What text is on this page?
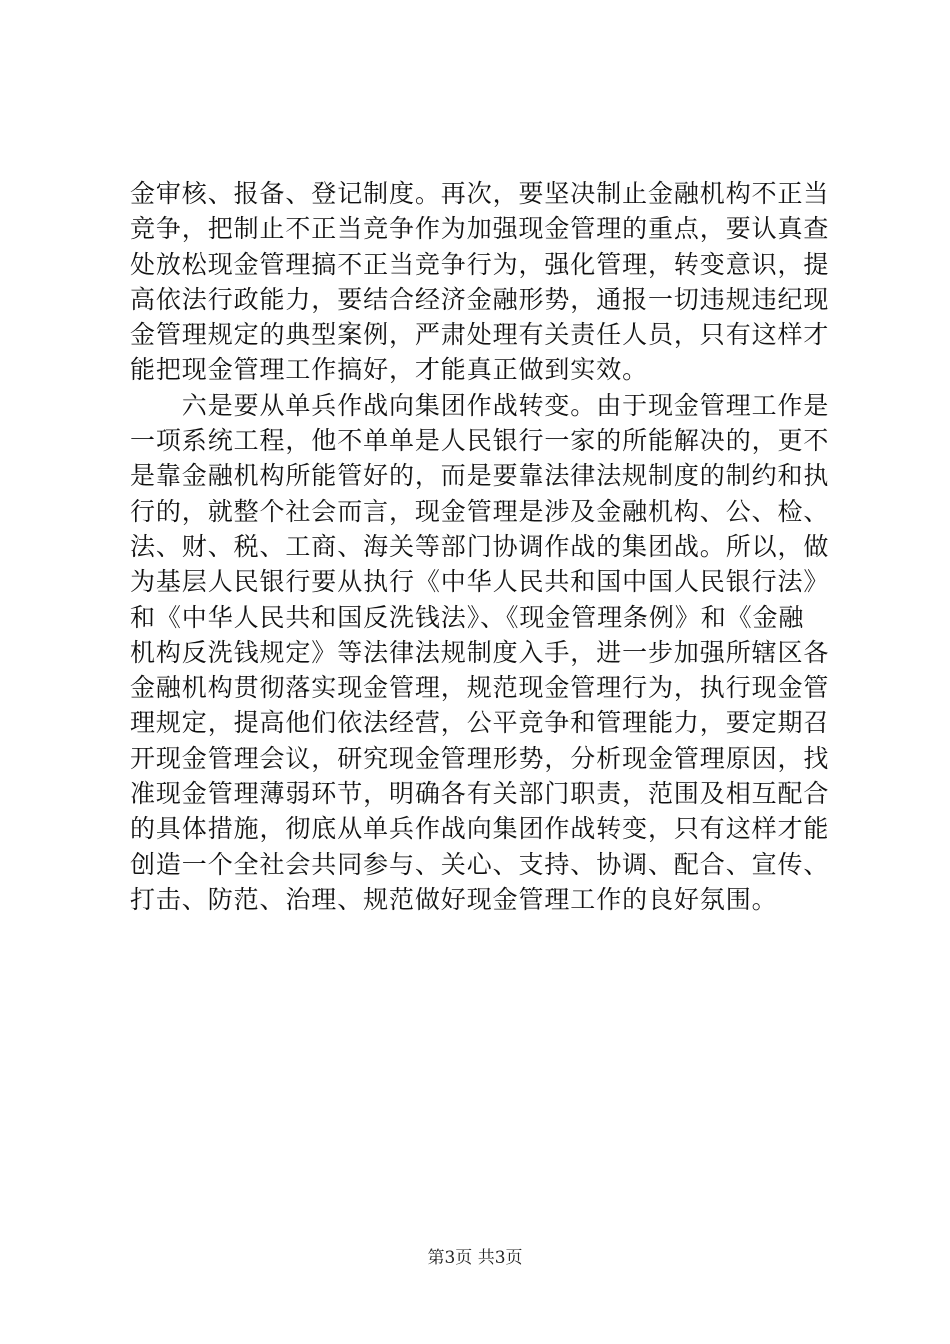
金审核、报备、登记制度。再次，要坚决制止金融机构不正当
竞争，把制止不正当竞争作为加强现金管理的重点，要认真查
处放松现金管理搞不正当竞争行为，强化管理，转变意识，提
高依法行政能力，要结合经济金融形势，通报一切违规违纪现
金管理规定的典型案例，严肃处理有关责任人员，只有这样才
能把现金管理工作搞好，才能真正做到实效。
　　六是要从单兵作战向集团作战转变。由于现金管理工作是
一项系统工程，他不单单是人民银行一家的所能解决的，更不
是靠金融机构所能管好的，而是要靠法律法规制度的制约和执
行的，就整个社会而言，现金管理是涉及金融机构、公、检、
法、财、税、工商、海关等部门协调作战的集团战。所以，做
为基层人民银行要从执行《中华人民共和国中国人民银行法》
和《中华人民共和国反洗钱法》、《现金管理条例》和《金融
机构反洗钱规定》等法律法规制度入手，进一步加强所辖区各
金融机构贯彻落实现金管理，规范现金管理行为，执行现金管
理规定，提高他们依法经营，公平竞争和管理能力，要定期召
开现金管理会议，研究现金管理形势，分析现金管理原因，找
准现金管理薄弱环节，明确各有关部门职责，范围及相互配合
的具体措施，彻底从单兵作战向集团作战转变，只有这样才能
创造一个全社会共同参与、关心、支持、协调、配合、宣传、
打击、防范、治理、规范做好现金管理工作的良好氛围。
第3页 共3页
